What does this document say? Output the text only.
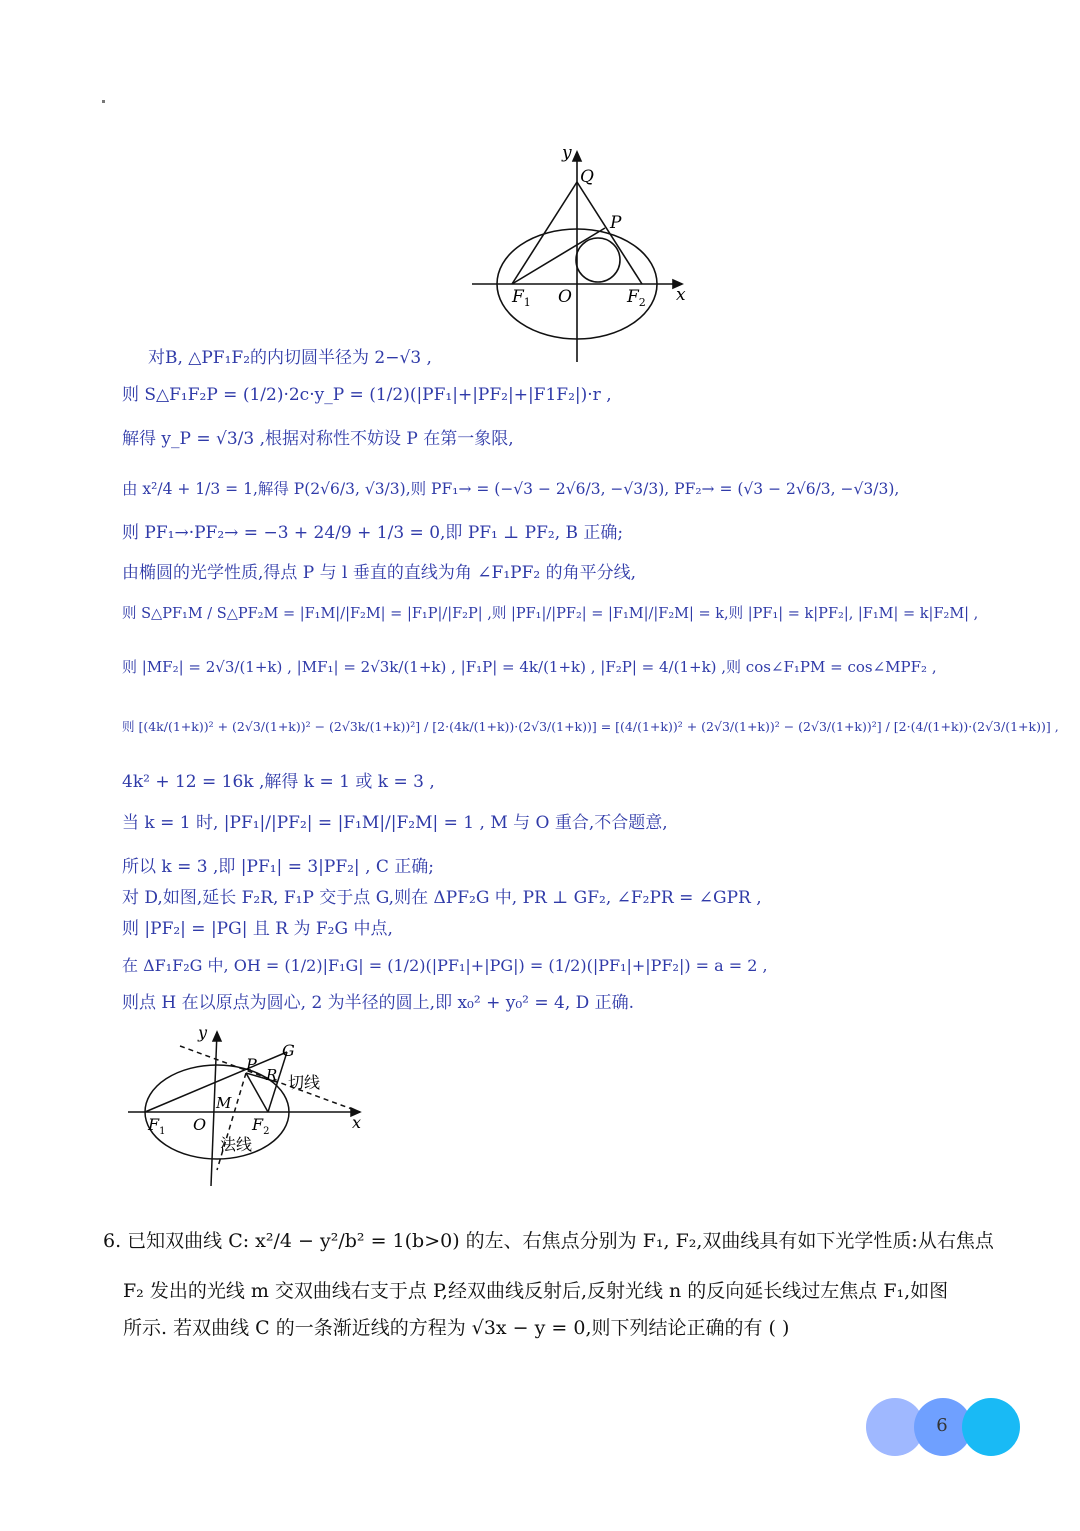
y
Q
P
$F_1$ O	$F_2$ x
对B, △PF₁F₂的内切圆半径为 2−√3 ,
则 S△F₁F₂P = (1/2)·2c·y_P = (1/2)(|PF₁|+|PF₂|+|F1F₂|)·r ,
解得 y_P = √3/3 ,根据对称性不妨设 P 在第一象限,
由 x²/4 + 1/3 = 1,解得 P(2√6/3, √3/3),则 PF₁→ = (−√3 − 2√6/3, −√3/3), PF₂→ = (√3 − 2√6/3, −√3/3),
则 PF₁→·PF₂→ = −3 + 24/9 + 1/3 = 0,即 PF₁ ⊥ PF₂, B 正确;
由椭圆的光学性质,得点 P 与 l 垂直的直线为角 ∠F₁PF₂ 的角平分线,
则 S△PF₁M / S△PF₂M = |F₁M|/|F₂M| = |F₁P|/|F₂P| ,则 |PF₁|/|PF₂| = |F₁M|/|F₂M| = k,则 |PF₁| = k|PF₂|, |F₁M| = k|F₂M| ,
则 |MF₂| = 2√3/(1+k) , |MF₁| = 2√3k/(1+k) , |F₁P| = 4k/(1+k) , |F₂P| = 4/(1+k) ,则 cos∠F₁PM = cos∠MPF₂ ,
则 [(4k/(1+k))² + (2√3/(1+k))² − (2√3k/(1+k))²] / [2·(4k/(1+k))·(2√3/(1+k))] = [(4/(1+k))² + (2√3/(1+k))² − (2√3/(1+k))²] / [2·(4/(1+k))·(2√3/(1+k))] ,
4k² + 12 = 16k ,解得 k = 1 或 k = 3 ,
当 k = 1 时, |PF₁|/|PF₂| = |F₁M|/|F₂M| = 1 , M 与 O 重合,不合题意,
所以 k = 3 ,即 |PF₁| = 3|PF₂| , C 正确;
对 D,如图,延长 F₂R, F₁P 交于点 G,则在 ΔPF₂G 中, PR ⊥ GF₂, ∠F₂PR = ∠GPR ,
则 |PF₂| = |PG| 且 R 为 F₂G 中点,
在 ΔF₁F₂G 中, OH = (1/2)|F₁G| = (1/2)(|PF₁|+|PG|) = (1/2)(|PF₁|+|PF₂|) = a = 2 ,
则点 H 在以原点为圆心, 2 为半径的圆上,即 x₀² + y₀² = 4, D 正确.
y
G
P
R 切线
M
$F_1$ O	$F_2$	x
法线
6. 已知双曲线 C: x²/4 − y²/b² = 1(b>0) 的左、右焦点分别为 F₁, F₂,双曲线具有如下光学性质:从右焦点
F₂ 发出的光线 m 交双曲线右支于点 P,经双曲线反射后,反射光线 n 的反向延长线过左焦点 F₁,如图
所示. 若双曲线 C 的一条渐近线的方程为 √3x − y = 0,则下列结论正确的有 ( )
6
